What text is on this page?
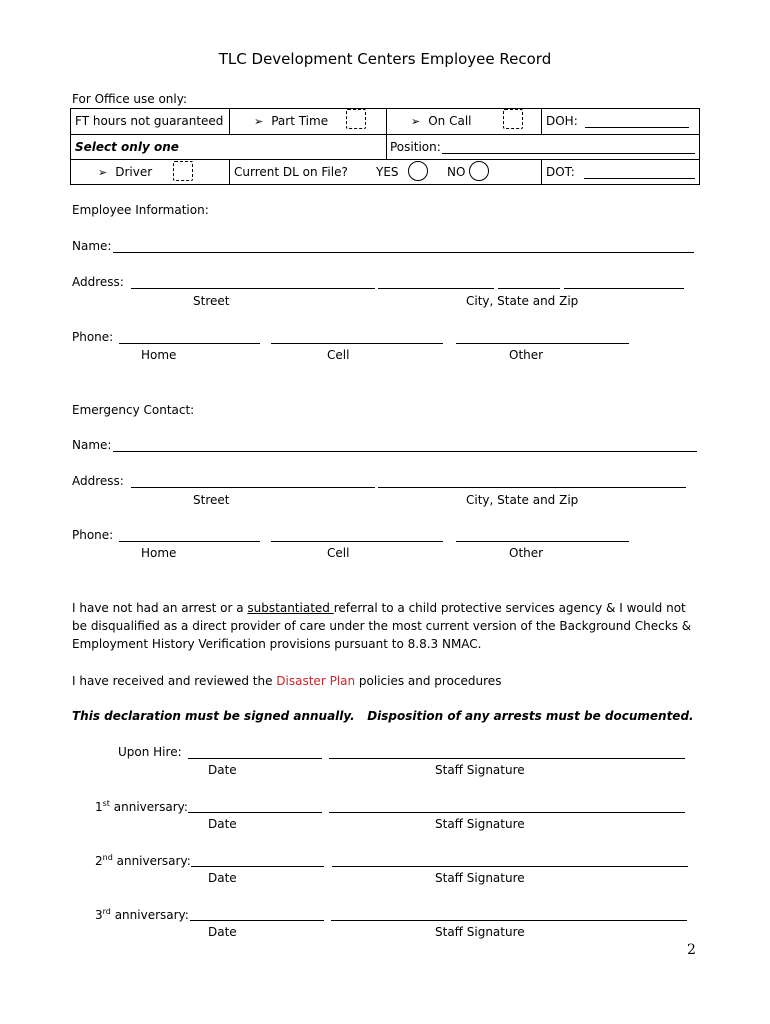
TLC Development Centers Employee Record
For Office use only:
FT hours not guaranteed	➢ Part Time	➢ On Call	DOH:
Select only one	Position:
➢ Driver	Current DL on File? YES	NO	DOT:
Employee Information:
Name:
Address:
Street	City, State and Zip
Phone:
Home	Cell	Other
Emergency Contact:
Name:
Address:
Street	City, State and Zip
Phone:
Home	Cell	Other
I have not had an arrest or a substantiated referral to a child protective services agency & I would not be disqualified as a direct provider of care under the most current version of the Background Checks & Employment History Verification provisions pursuant to 8.8.3 NMAC.
I have received and reviewed the Disaster Plan policies and procedures
This declaration must be signed annually.   Disposition of any arrests must be documented.
Upon Hire:
Date	Staff Signature
1st anniversary:
Date	Staff Signature
2nd anniversary:
Date	Staff Signature
3rd anniversary:
Date	Staff Signature
2
